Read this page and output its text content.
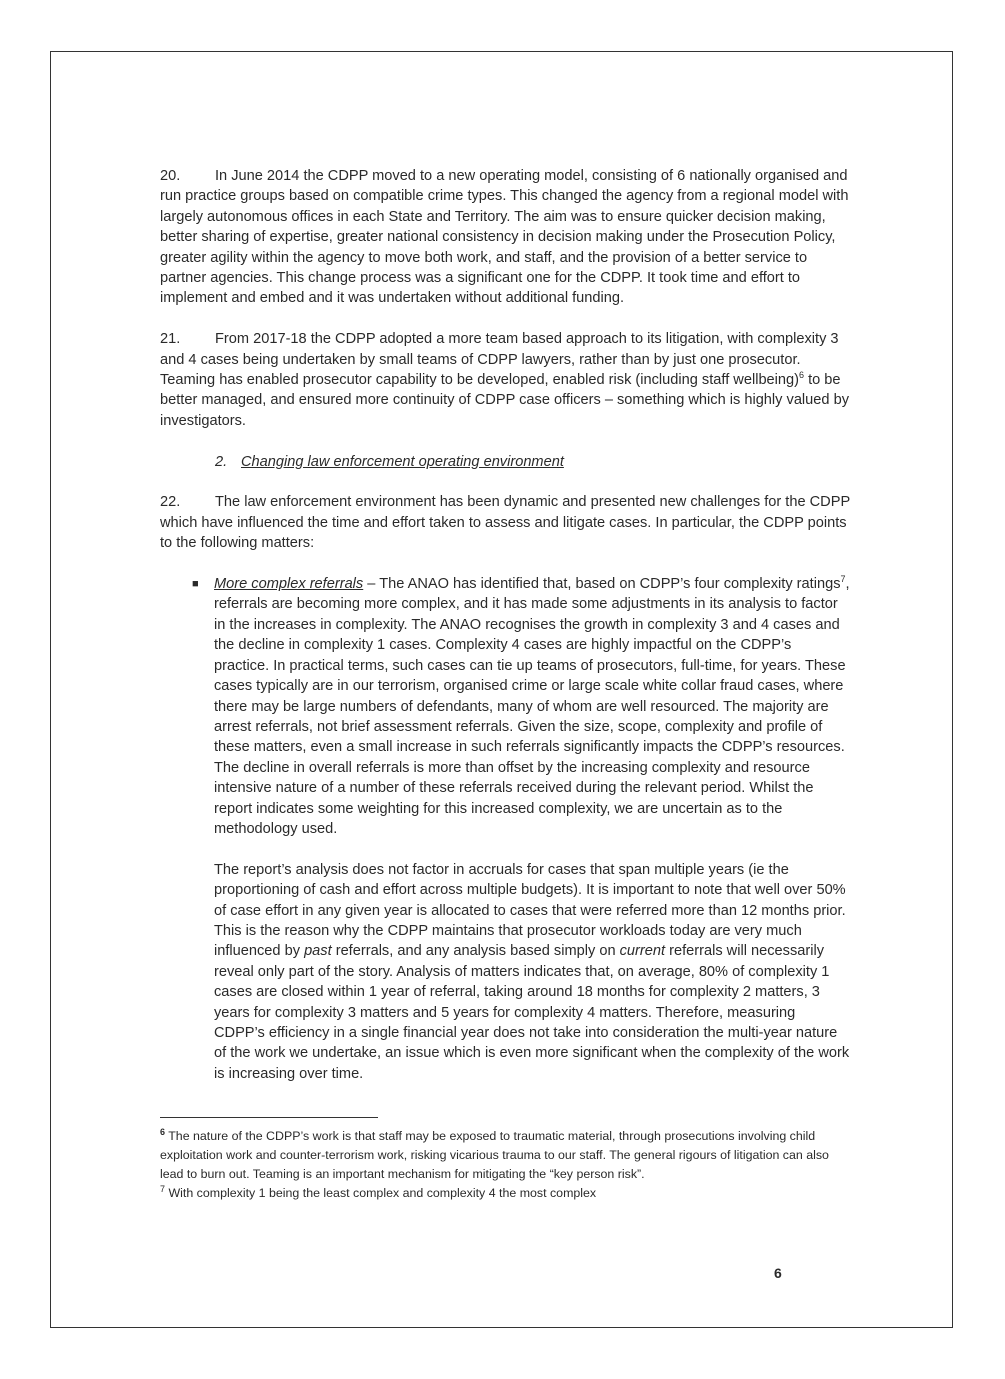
20. In June 2014 the CDPP moved to a new operating model, consisting of 6 nationally organised and run practice groups based on compatible crime types. This changed the agency from a regional model with largely autonomous offices in each State and Territory. The aim was to ensure quicker decision making, better sharing of expertise, greater national consistency in decision making under the Prosecution Policy, greater agility within the agency to move both work, and staff, and the provision of a better service to partner agencies. This change process was a significant one for the CDPP. It took time and effort to implement and embed and it was undertaken without additional funding.

21. From 2017-18 the CDPP adopted a more team based approach to its litigation, with complexity 3 and 4 cases being undertaken by small teams of CDPP lawyers, rather than by just one prosecutor. Teaming has enabled prosecutor capability to be developed, enabled risk (including staff wellbeing)$^6$ to be better managed, and ensured more continuity of CDPP case officers – something which is highly valued by investigators.

2. Changing law enforcement operating environment

22. The law enforcement environment has been dynamic and presented new challenges for the CDPP which have influenced the time and effort taken to assess and litigate cases. In particular, the CDPP points to the following matters:

■ More complex referrals – The ANAO has identified that, based on CDPP’s four complexity ratings$^7$, referrals are becoming more complex, and it has made some adjustments in its analysis to factor in the increases in complexity. The ANAO recognises the growth in complexity 3 and 4 cases and the decline in complexity 1 cases. Complexity 4 cases are highly impactful on the CDPP’s practice. In practical terms, such cases can tie up teams of prosecutors, full-time, for years. These cases typically are in our terrorism, organised crime or large scale white collar fraud cases, where there may be large numbers of defendants, many of whom are well resourced. The majority are arrest referrals, not brief assessment referrals. Given the size, scope, complexity and profile of these matters, even a small increase in such referrals significantly impacts the CDPP’s resources. The decline in overall referrals is more than offset by the increasing complexity and resource intensive nature of a number of these referrals received during the relevant period. Whilst the report indicates some weighting for this increased complexity, we are uncertain as to the methodology used.

The report’s analysis does not factor in accruals for cases that span multiple years (ie the proportioning of cash and effort across multiple budgets). It is important to note that well over 50% of case effort in any given year is allocated to cases that were referred more than 12 months prior. This is the reason why the CDPP maintains that prosecutor workloads today are very much influenced by past referrals, and any analysis based simply on current referrals will necessarily reveal only part of the story. Analysis of matters indicates that, on average, 80% of complexity 1 cases are closed within 1 year of referral, taking around 18 months for complexity 2 matters, 3 years for complexity 3 matters and 5 years for complexity 4 matters. Therefore, measuring CDPP’s efficiency in a single financial year does not take into consideration the multi-year nature of the work we undertake, an issue which is even more significant when the complexity of the work is increasing over time.

$^6$ The nature of the CDPP’s work is that staff may be exposed to traumatic material, through prosecutions involving child exploitation work and counter-terrorism work, risking vicarious trauma to our staff. The general rigours of litigation can also lead to burn out. Teaming is an important mechanism for mitigating the “key person risk”.

$^7$ With complexity 1 being the least complex and complexity 4 the most complex

6
